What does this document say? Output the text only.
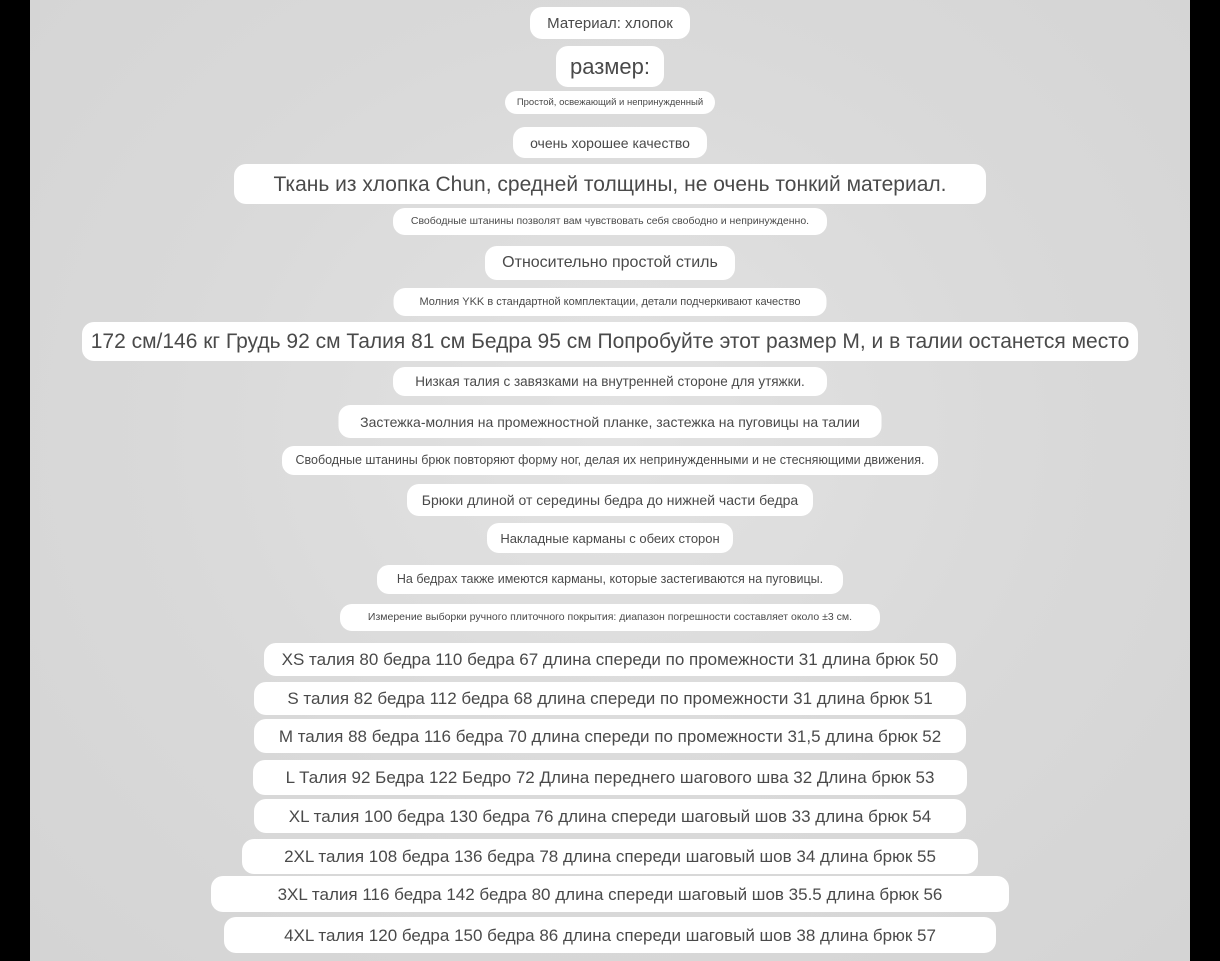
Материал: хлопок
размер:
Простой, освежающий и непринужденный
очень хорошее качество
Ткань из хлопка Chun, средней толщины, не очень тонкий материал.
Свободные штанины позволят вам чувствовать себя свободно и непринужденно.
Относительно простой стиль
Молния YKK в стандартной комплектации, детали подчеркивают качество
172 см/146 кг Грудь 92 см Талия 81 см Бедра 95 см Попробуйте этот размер M, и в талии останется место
Низкая талия с завязками на внутренней стороне для утяжки.
Застежка-молния на промежностной планке, застежка на пуговицы на талии
Свободные штанины брюк повторяют форму ног, делая их непринужденными и не стесняющими движения.
Брюки длиной от середины бедра до нижней части бедра
Накладные карманы с обеих сторон
На бедрах также имеются карманы, которые застегиваются на пуговицы.
Измерение выборки ручного плиточного покрытия: диапазон погрешности составляет около ±3 см.
XS талия 80 бедра 110 бедра 67 длина спереди по промежности 31 длина брюк 50
S талия 82 бедра 112 бедра 68 длина спереди по промежности 31 длина брюк 51
M талия 88 бедра 116 бедра 70 длина спереди по промежности 31,5 длина брюк 52
L Талия 92 Бедра 122 Бедро 72 Длина переднего шагового шва 32 Длина брюк 53
XL талия 100 бедра 130 бедра 76 длина спереди шаговый шов 33 длина брюк 54
2XL талия 108 бедра 136 бедра 78 длина спереди шаговый шов 34 длина брюк 55
3XL талия 116 бедра 142 бедра 80 длина спереди шаговый шов 35.5 длина брюк 56
4XL талия 120 бедра 150 бедра 86 длина спереди шаговый шов 38 длина брюк 57
